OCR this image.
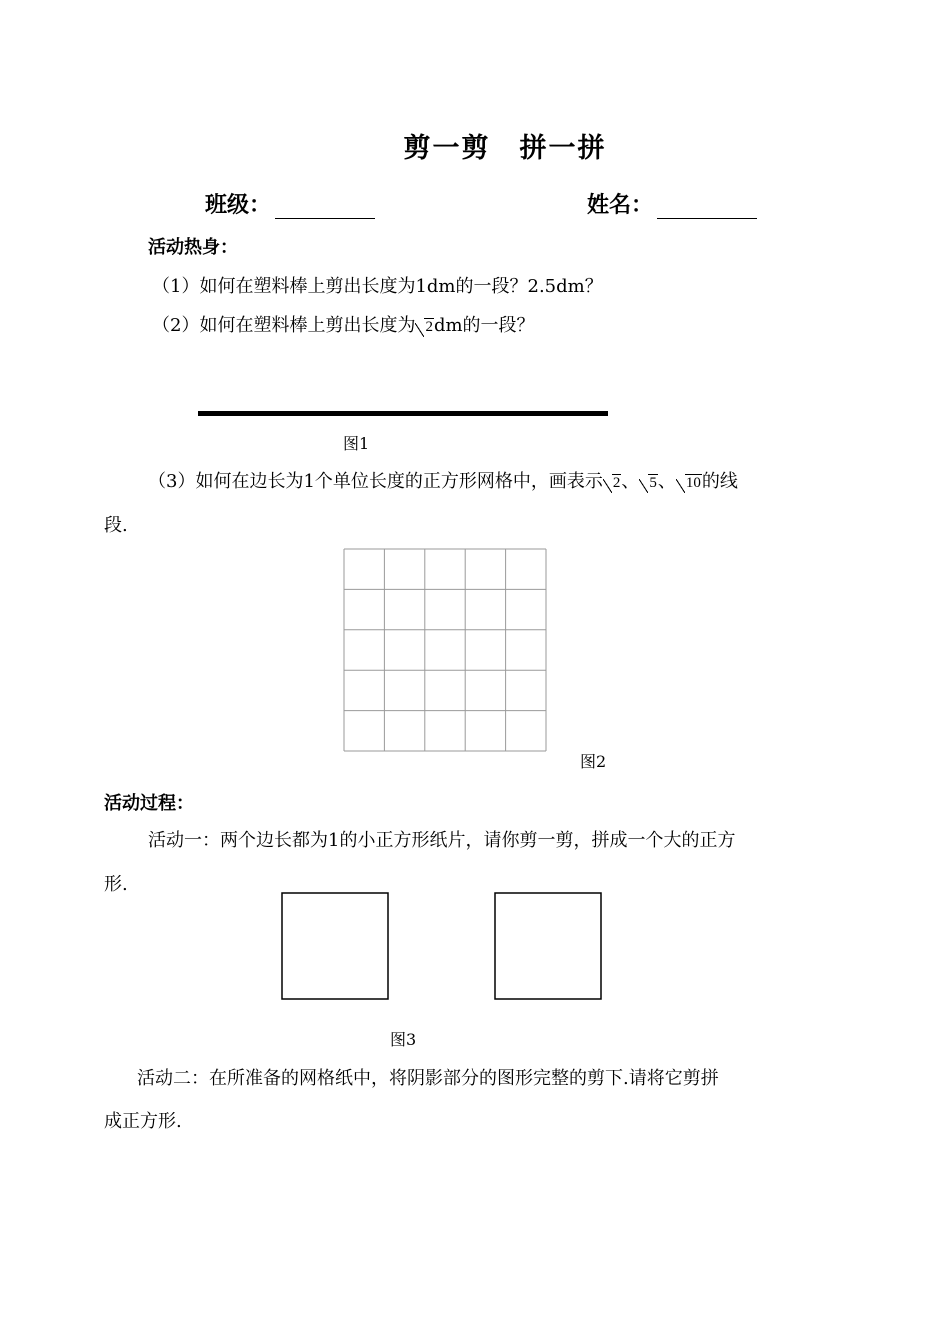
剪一剪　拼一拼
班级：	姓名：
活动热身：
（1）如何在塑料棒上剪出长度为1dm的一段？2.5dm？
（2）如何在塑料棒上剪出长度为 2dm的一段？
图1
（3）如何在边长为1个单位长度的正方形网格中，画表示 2、 5、 10的线
段.
图2
活动过程：
活动一：两个边长都为1的小正方形纸片，请你剪一剪，拼成一个大的正方
形.
图3
活动二：在所准备的网格纸中，将阴影部分的图形完整的剪下.请将它剪拼
成正方形.
